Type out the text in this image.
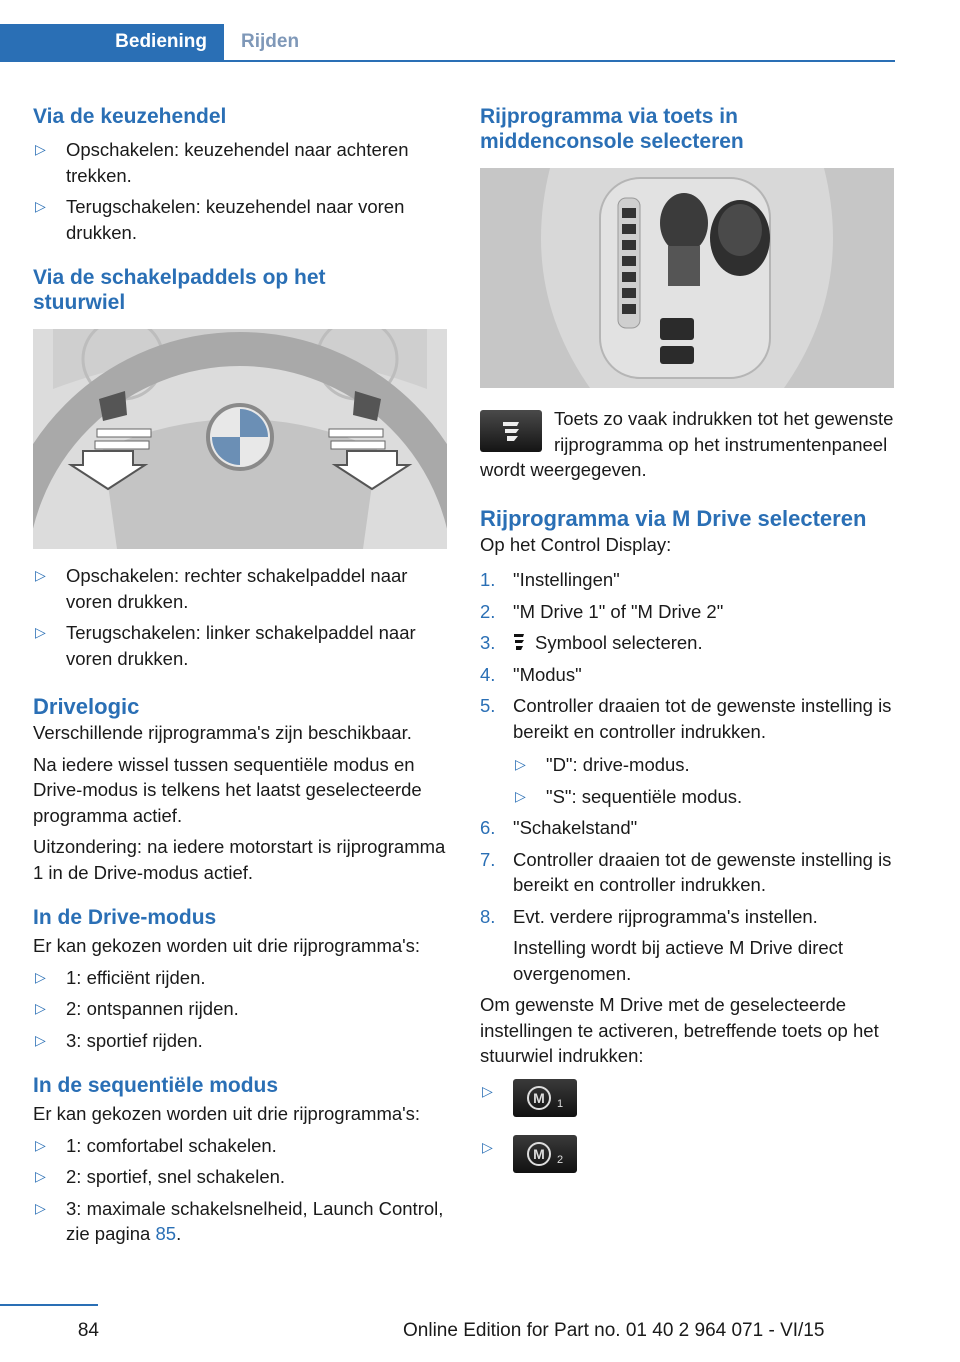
Bediening	Rijden
Via de keuzehendel
▷ Opschakelen: keuzehendel naar achteren trekken.
▷ Terugschakelen: keuzehendel naar voren drukken.
Via de schakelpaddels op het stuurwiel
▷ Opschakelen: rechter schakelpaddel naar voren drukken.
▷ Terugschakelen: linker schakelpaddel naar voren drukken.
Drivelogic

Verschillende rijprogramma's zijn beschikbaar.

Na iedere wissel tussen sequentiële modus en Drive-modus is telkens het laatst geselecteerde programma actief.

Uitzondering: na iedere motorstart is rijprogramma 1 in de Drive-modus actief.

In de Drive-modus

Er kan gekozen worden uit drie rijprogramma's:

▷ 1: efficiënt rijden.
▷ 2: ontspannen rijden.
▷ 3: sportief rijden.
In de sequentiële modus

Er kan gekozen worden uit drie rijprogramma's:

▷ 1: comfortabel schakelen.
▷ 2: sportief, snel schakelen.
▷ 3: maximale schakelsnelheid, Launch Control, zie pagina 85.
Rijprogramma via toets in middenconsole selecteren

Toets zo vaak indrukken tot het gewenste rijprogramma op het instrumentenpaneel wordt weergegeven.

Rijprogramma via M Drive selecteren

Op het Control Display:

1. "Instellingen"
2. "M Drive 1" of "M Drive 2"
3. Symbool selecteren.
4. "Modus"
5. Controller draaien tot de gewenste instelling is bereikt en controller indrukken.
▷ "D": drive-modus.
▷ "S": sequentiële modus.
6. "Schakelstand"
7. Controller draaien tot de gewenste instelling is bereikt en controller indrukken.
8. Evt. verdere rijprogramma's instellen.

Instelling wordt bij actieve M Drive direct overgenomen.

Om gewenste M Drive met de geselecteerde instellingen te activeren, betreffende toets op het stuurwiel indrukken:

▷	M 1
▷	M 2
84	Online Edition for Part no. 01 40 2 964 071 - VI/15
